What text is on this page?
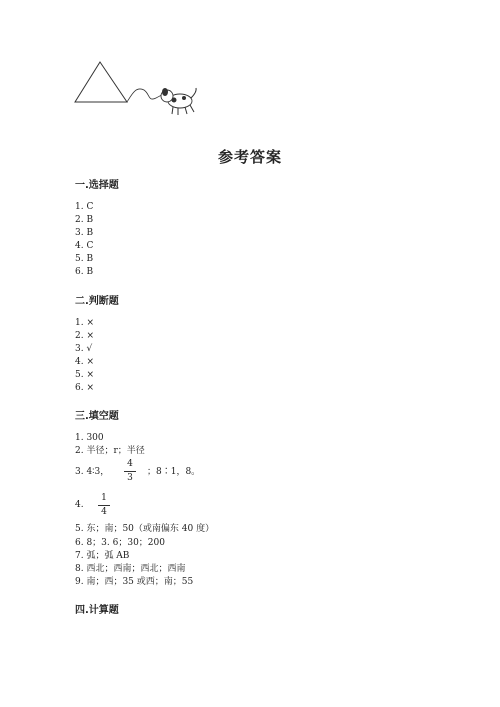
参考答案
一.选择题
1. C
2. B
3. B
4. C
5. B
6. B
二.判断题
1. ×
2. ×
3. √
4. ×
5. ×
6. ×
三.填空题
1. 300
2. 半径；r；半径
3. 4∶3，
4
3
；8∶1，8。
4.
1
4
5. 东；南；50（或南偏东 40 度）
6. 8；3. 6；30；200
7. 弧；弧 AB
8. 西北；西南；西北；西南
9. 南；西；35 或西；南；55
四.计算题
